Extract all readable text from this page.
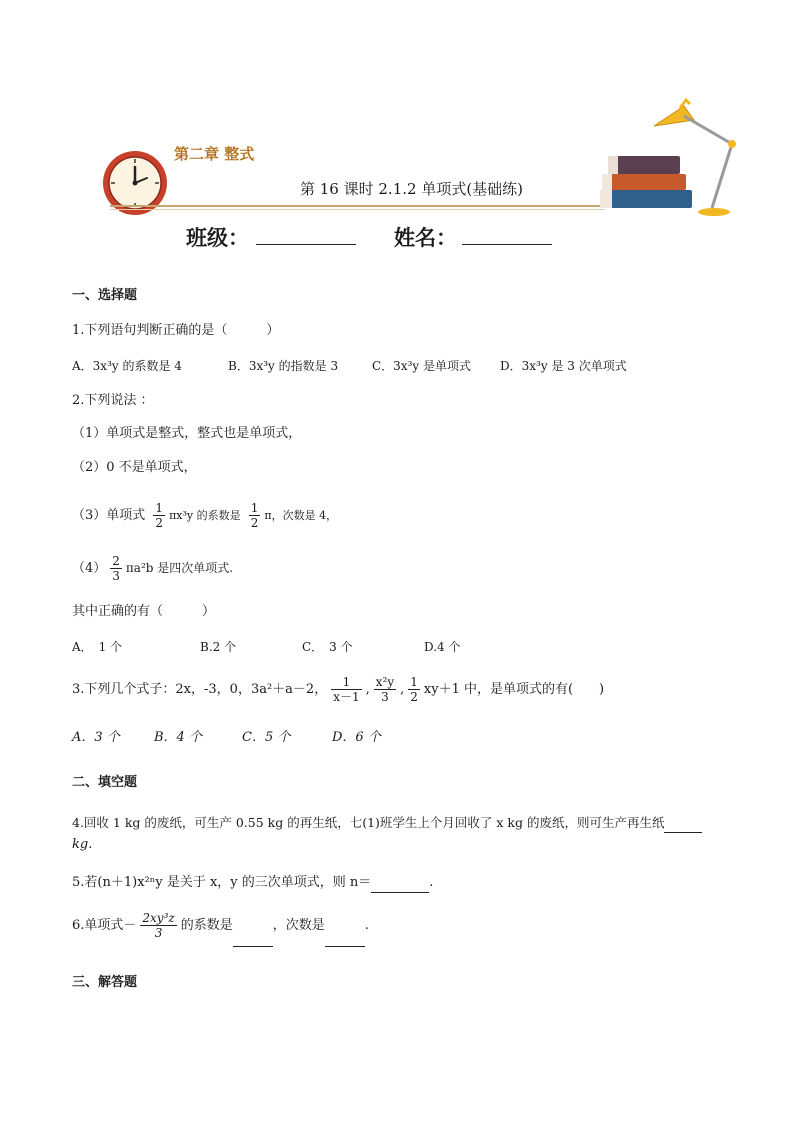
第二章 整式
第 16 课时 2.1.2 单项式(基础练)
班级：	姓名：
一、选择题
1.下列语句判断正确的是（　　　）
A．3x³y 的系数是 4	B．3x³y 的指数是 3	C．3x³y 是单项式 D．3x³y 是 3 次单项式
2.下列说法 ：
（1）单项式是整式，整式也是单项式，
（2）0 不是单项式，
（3）单项式 $\frac{1}{2} \pi x^3y$ 的系数是 $\frac{1}{2}$ π，次数是 4，
$(4) \frac{2}{3} \pi a^2b$ 是四次单项式.
其中正确的有（　　　）
A．　1 个	B.2 个	C．　3 个	D.4 个
3.下列几个式子：2x，-3，0，3a²＋a－2， $\frac{1}{x-1}$ , $\frac{\text{x²y}}{3}$ , $\frac{1}{2} xy+1$ 中，是单项式的有(　　)
A．3 个	B．4 个	C．5 个	D．6 个
二、填空题
4.回收 1 kg 的废纸，可生产 0.55 kg 的再生纸，七(1)班学生上个月回收了 x kg 的废纸，则可生产再生纸
kg.
5.若(n＋1)x²ⁿy 是关于 x，y 的三次单项式，则 n＝	.
6.单项式－ $\frac{\text{2xy³z}}{3}$ 的系数是	，次数是	.
三、解答题
